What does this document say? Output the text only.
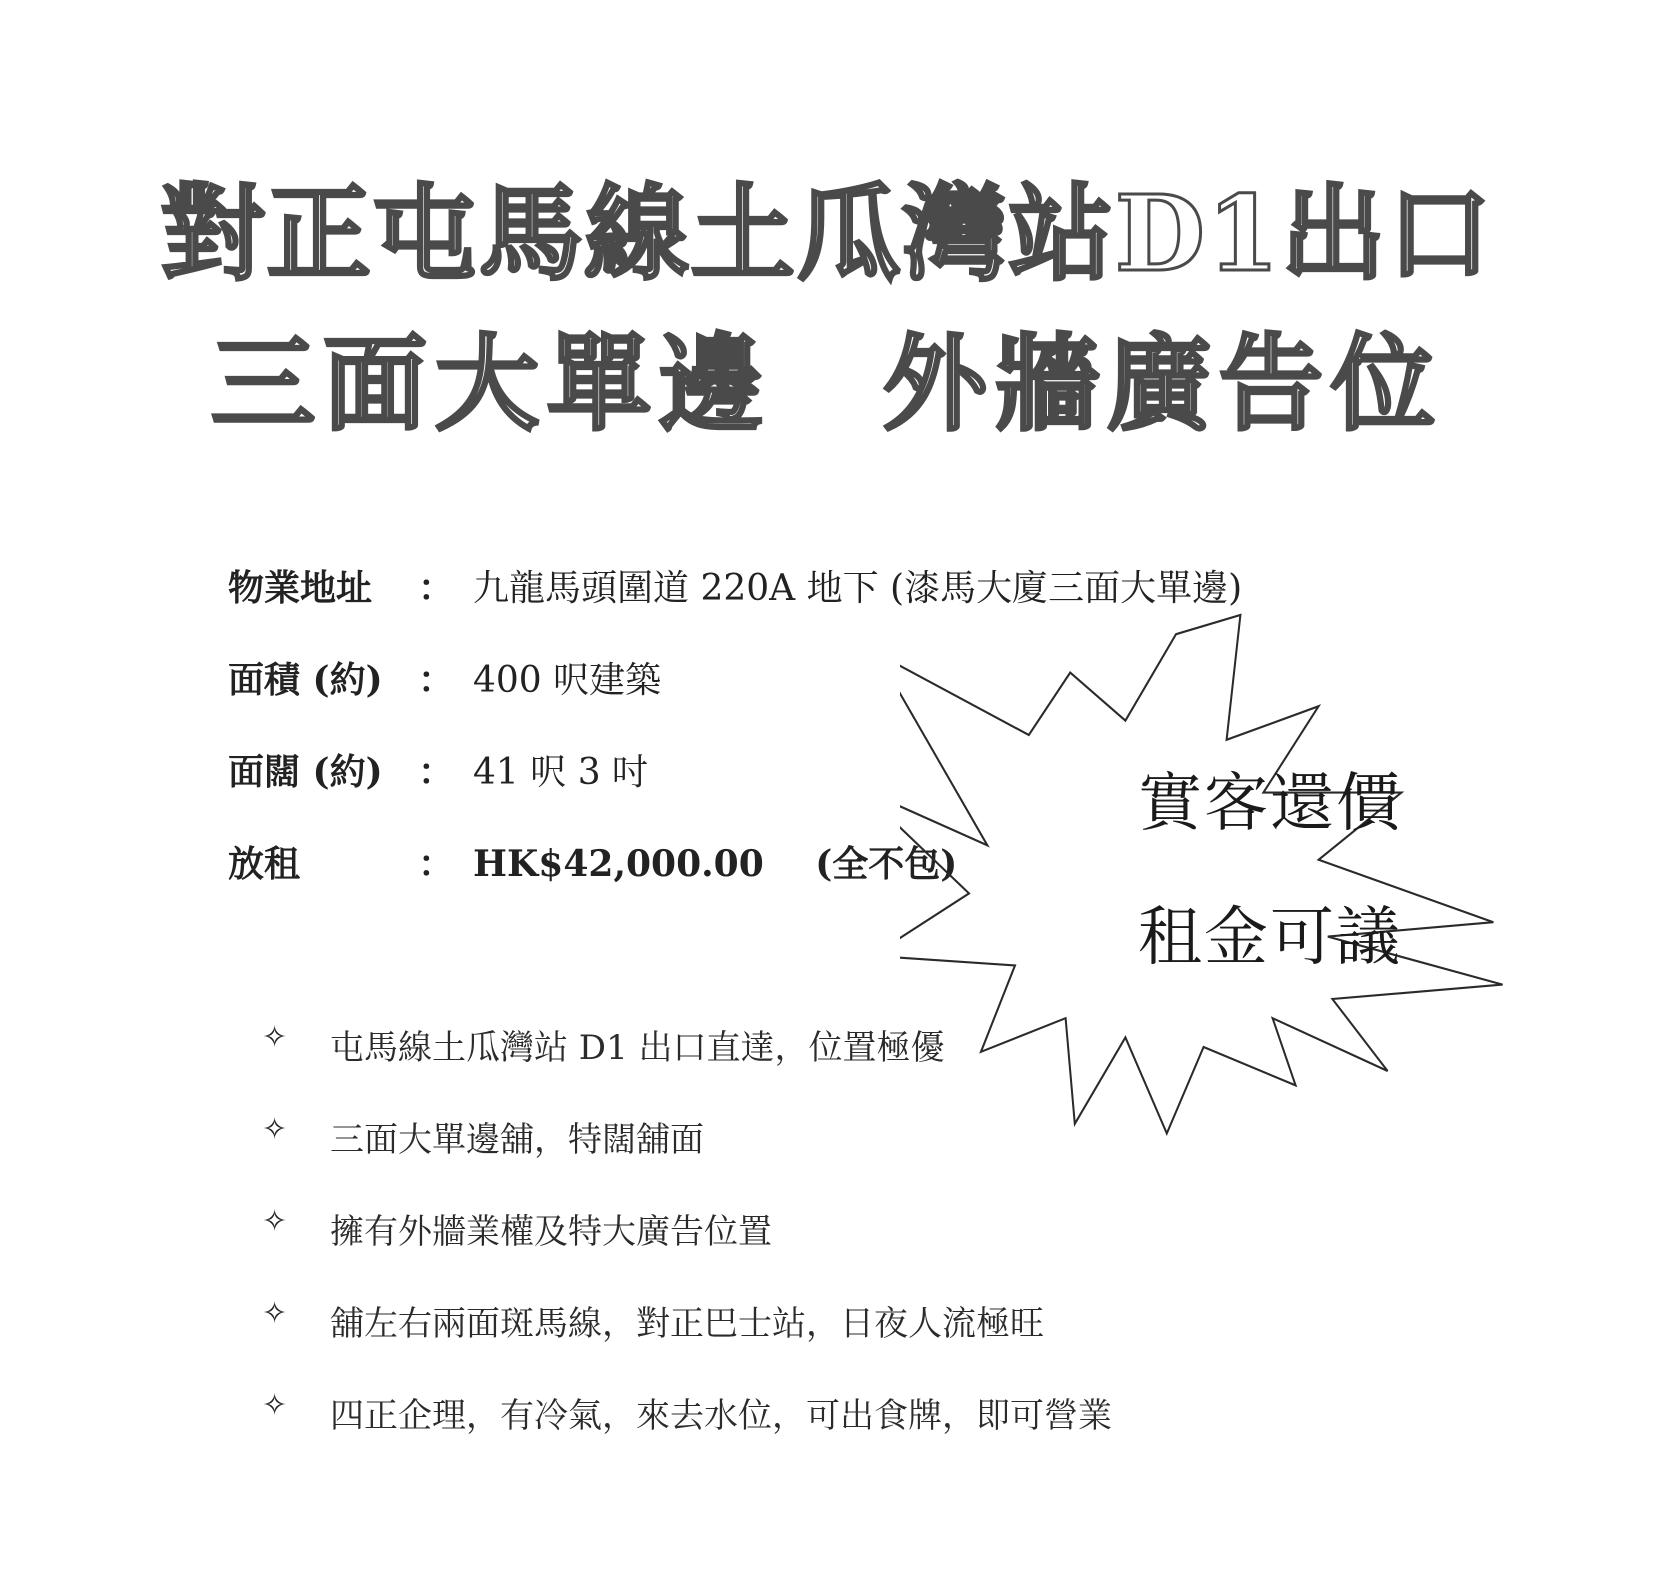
對正屯馬線土瓜灣站D1出口
三面大單邊　外牆廣告位
物業地址 ： 九龍馬頭圍道 220A 地下 (漆馬大廈三面大單邊)
面積 (約) ： 400 呎建築
面闊 (約) ： 41 呎 3 吋
放租	： HK$42,000.00 (全不包)
實客還價
租金可議
✧ 屯馬線土瓜灣站 D1 出口直達，位置極優
✧ 三面大單邊舖，特闊舖面
✧ 擁有外牆業權及特大廣告位置
✧ 舖左右兩面斑馬線，對正巴士站，日夜人流極旺
✧ 四正企理，有冷氣，來去水位，可出食牌，即可營業
